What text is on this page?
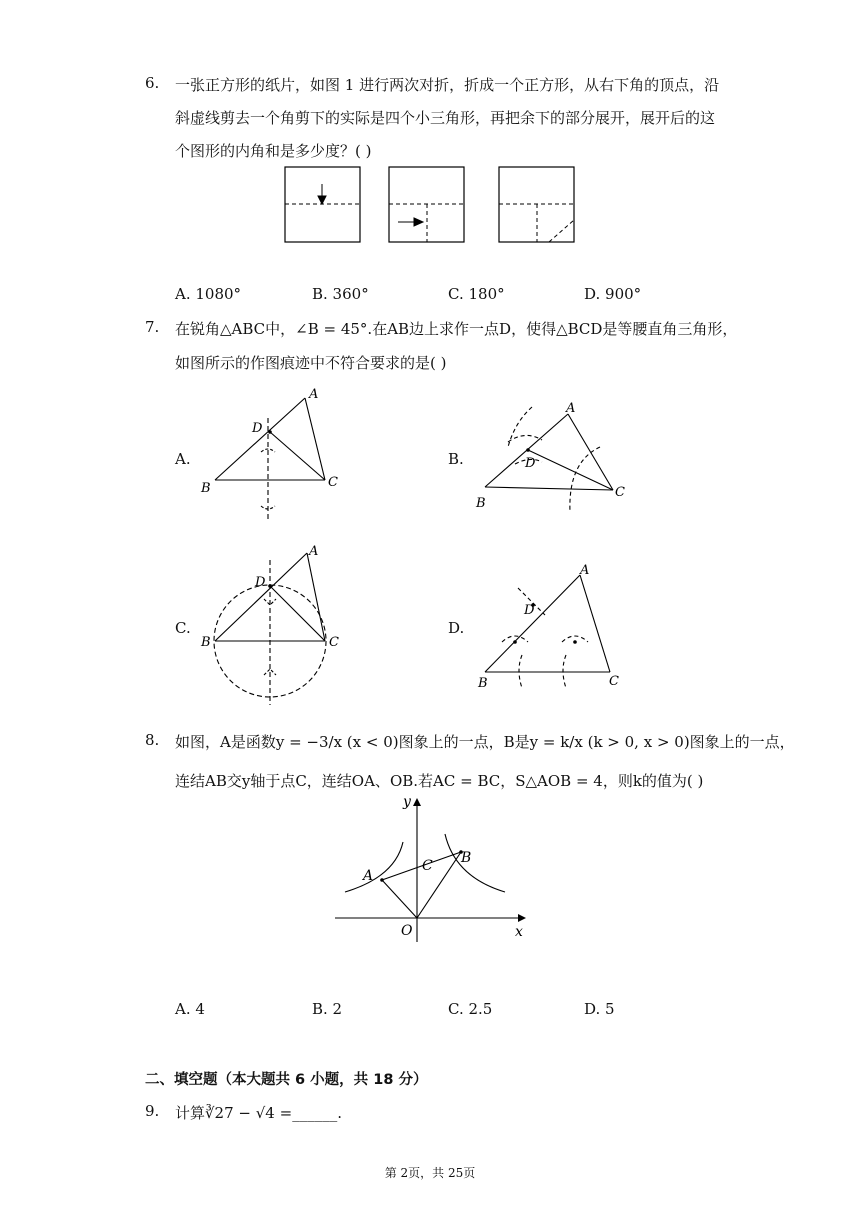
6. 一张正方形的纸片，如图 1 进行两次对折，折成一个正方形，从右下角的顶点，沿
斜虚线剪去一个角剪下的实际是四个小三角形，再把余下的部分展开，展开后的这
个图形的内角和是多少度？( )
A. 1080°	B. 360°	C. 180°	D. 900°
7. 在锐角△ABC中，∠B = 45°.在AB边上求作一点D，使得△BCD是等腰直角三角形，
如图所示的作图痕迹中不符合要求的是( )
A.	B.
C.	D.
A
B	C
D
A
B
C
D
A
B	C
D
A
B	C
D
8. 如图，A是函数y = −3/x (x < 0)图象上的一点，B是y = k/x (k > 0, x > 0)图象上的一点，
连结AB交y轴于点C，连结OA、OB.若AC = BC，S△AOB = 4，则k的值为( )
y
x
O
A
B
C
A. 4	B. 2	C. 2.5	D. 5
二、填空题（本大题共 6 小题，共 18 分）
9. 计算∛27 − √4 =______.
第 2页，共 25页
